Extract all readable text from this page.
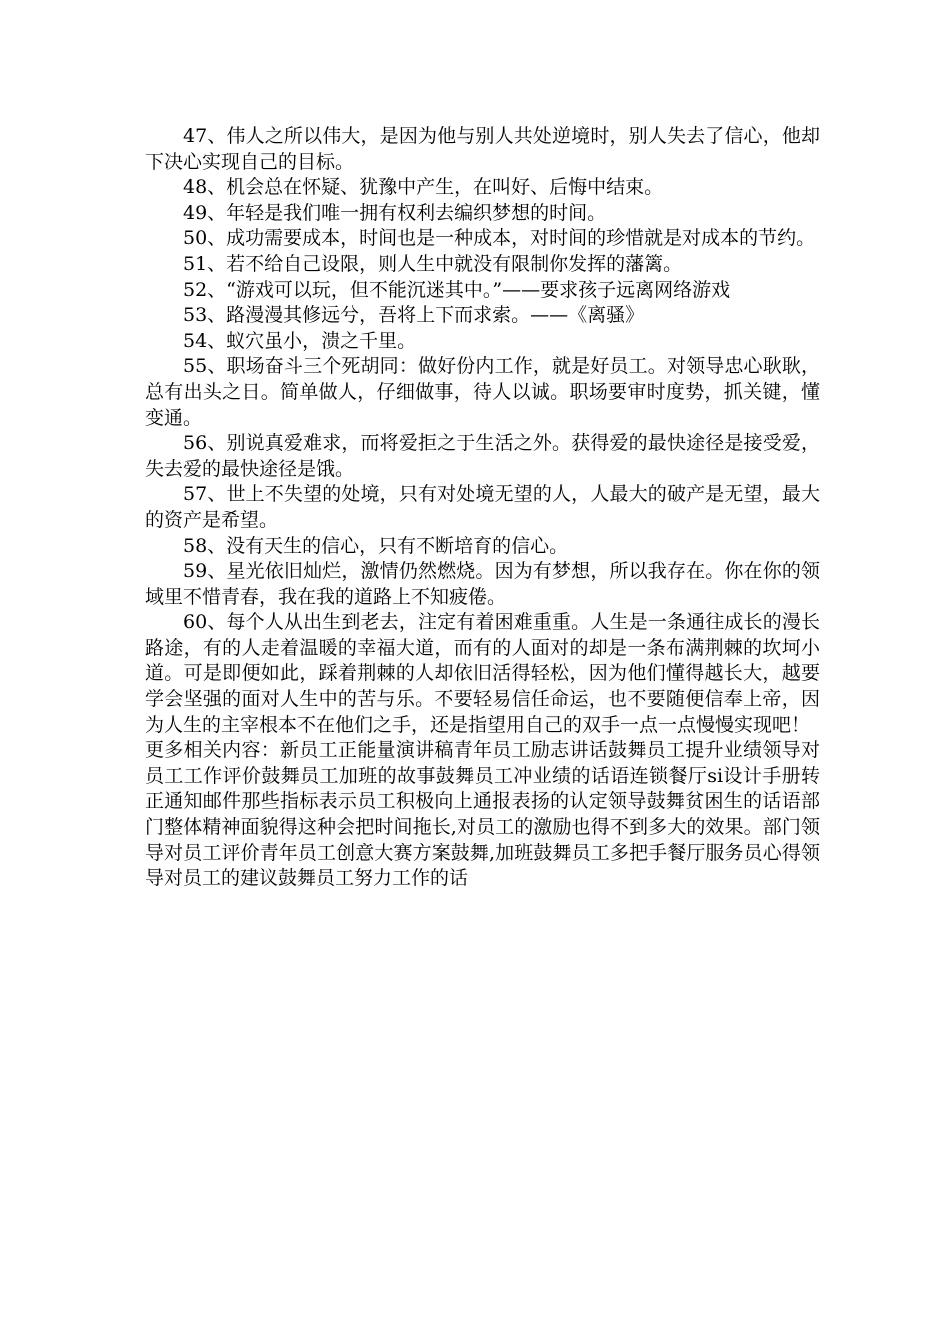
47、伟人之所以伟大，是因为他与别人共处逆境时，别人失去了信心，他却下决心实现自己的目标。

48、机会总在怀疑、犹豫中产生，在叫好、后悔中结束。

49、年轻是我们唯一拥有权利去编织梦想的时间。

50、成功需要成本，时间也是一种成本，对时间的珍惜就是对成本的节约。

51、若不给自己设限，则人生中就没有限制你发挥的藩篱。

52、“游戏可以玩，但不能沉迷其中。”——要求孩子远离网络游戏

53、路漫漫其修远兮，吾将上下而求索。——《离骚》

54、蚁穴虽小，溃之千里。

55、职场奋斗三个死胡同：做好份内工作，就是好员工。对领导忠心耿耿，总有出头之日。简单做人，仔细做事，待人以诚。职场要审时度势，抓关键，懂变通。

56、别说真爱难求，而将爱拒之于生活之外。获得爱的最快途径是接受爱，失去爱的最快途径是饿。

57、世上不失望的处境，只有对处境无望的人，人最大的破产是无望，最大的资产是希望。

58、没有天生的信心，只有不断培育的信心。

59、星光依旧灿烂，激情仍然燃烧。因为有梦想，所以我存在。你在你的领域里不惜青春，我在我的道路上不知疲倦。

60、每个人从出生到老去，注定有着困难重重。人生是一条通往成长的漫长路途，有的人走着温暖的幸福大道，而有的人面对的却是一条布满荆棘的坎坷小道。可是即便如此，踩着荆棘的人却依旧活得轻松，因为他们懂得越长大，越要学会坚强的面对人生中的苦与乐。不要轻易信任命运，也不要随便信奉上帝，因为人生的主宰根本不在他们之手，还是指望用自己的双手一点一点慢慢实现吧！

更多相关内容：新员工正能量演讲稿青年员工励志讲话鼓舞员工提升业绩领导对员工工作评价鼓舞员工加班的故事鼓舞员工冲业绩的话语连锁餐厅si设计手册转正通知邮件那些指标表示员工积极向上通报表扬的认定领导鼓舞贫困生的话语部门整体精神面貌得这种会把时间拖长,对员工的激励也得不到多大的效果。部门领导对员工评价青年员工创意大赛方案鼓舞,加班鼓舞员工多把手餐厅服务员心得领导对员工的建议鼓舞员工努力工作的话
